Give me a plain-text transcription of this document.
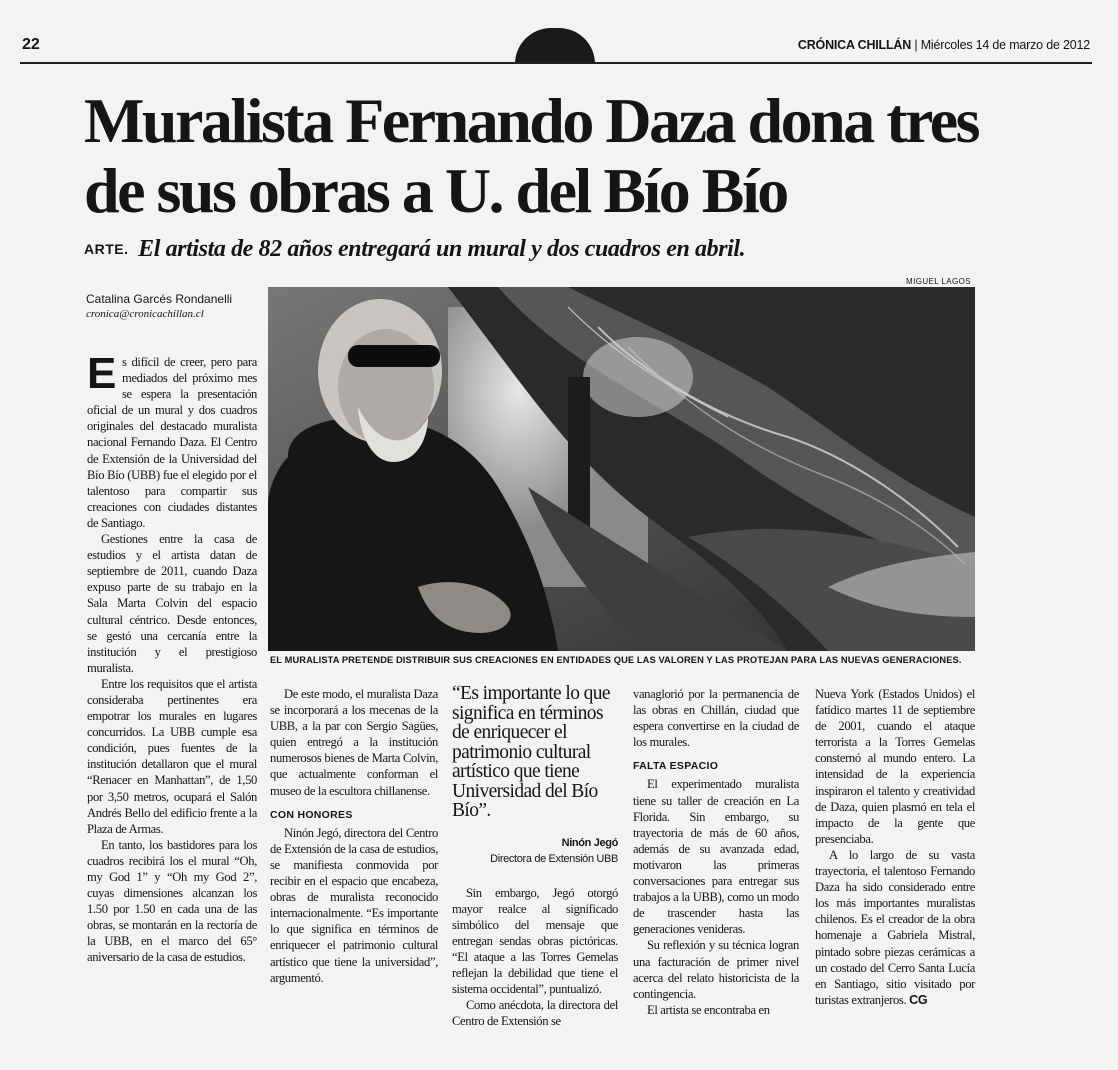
22	CRÓNICA CHILLÁN | Miércoles 14 de marzo de 2012
Muralista Fernando Daza dona tres de sus obras a U. del Bío Bío
ARTE. El artista de 82 años entregará un mural y dos cuadros en abril.
Catalina Garcés Rondanelli
cronica@cronicachillan.cl
MIGUEL LAGOS
EL MURALISTA PRETENDE DISTRIBUIR SUS CREACIONES EN ENTIDADES QUE LAS VALOREN Y LAS PROTEJAN PARA LAS NUEVAS GENERACIONES.

Es difícil de creer, pero para mediados del próximo mes se espera la presentación oficial de un mural y dos cuadros originales del destacado muralista nacional Fernando Daza. El Centro de Extensión de la Universidad del Bío Bío (UBB) fue el elegido por el talentoso para compartir sus creaciones con ciudades distantes de Santiago.

Gestiones entre la casa de estudios y el artista datan de septiembre de 2011, cuando Daza expuso parte de su trabajo en la Sala Marta Colvin del espacio cultural céntrico. Desde entonces, se gestó una cercanía entre la institución y el prestigioso muralista.

Entre los requisitos que el artista consideraba pertinentes era empotrar los murales en lugares concurridos. La UBB cumple esa condición, pues fuentes de la institución detallaron que el mural “Renacer en Manhattan”, de 1,50 por 3,50 metros, ocupará el Salón Andrés Bello del edificio frente a la Plaza de Armas.

En tanto, los bastidores para los cuadros recibirá los el mural “Oh, my God 1” y “Oh my God 2”, cuyas dimensiones alcanzan los 1.50 por 1.50 en cada una de las obras, se montarán en la rectoría de la UBB, en el marco del 65° aniversario de la casa de estudios.

De este modo, el muralista Daza se incorporará a los mecenas de la UBB, a la par con Sergio Sagües, quien entregó a la institución numerosos bienes de Marta Colvin, que actualmente conforman el museo de la escultora chillanense.

CON HONORES

Ninón Jegó, directora del Centro de Extensión de la casa de estudios, se manifiesta conmovida por recibir en el espacio que encabeza, obras de muralista reconocido internacionalmente. “Es importante lo que significa en términos de enriquecer el patrimonio cultural artístico que tiene la universidad”, argumentó.

“Es importante lo que significa en términos de enriquecer el patrimonio cultural artístico que tiene Universidad del Bío Bío”.
Ninón Jegó
Directora de Extensión UBB

Sin embargo, Jegó otorgó mayor realce al significado simbólico del mensaje que entregan sendas obras pictóricas. “El ataque a las Torres Gemelas reflejan la debilidad que tiene el sistema occidental”, puntualizó.

Como anécdota, la directora del Centro de Extensión se

vanaglorió por la permanencia de las obras en Chillán, ciudad que espera convertirse en la ciudad de los murales.

FALTA ESPACIO

El experimentado muralista tiene su taller de creación en La Florida. Sin embargo, su trayectoria de más de 60 años, además de su avanzada edad, motivaron las primeras conversaciones para entregar sus trabajos a la UBB), como un modo de trascender hasta las generaciones venideras.

Su reflexión y su técnica logran una facturación de primer nivel acerca del relato historicista de la contingencia.

El artista se encontraba en

Nueva York (Estados Unidos) el fatídico martes 11 de septiembre de 2001, cuando el ataque terrorista a la Torres Gemelas consternó al mundo entero. La intensidad de la experiencia inspiraron el talento y creatividad de Daza, quien plasmó en tela el impacto de la gente que presenciaba.

A lo largo de su vasta trayectoria, el talentoso Fernando Daza ha sido considerado entre los más importantes muralistas chilenos. Es el creador de la obra homenaje a Gabriela Mistral, pintado sobre piezas cerámicas a un costado del Cerro Santa Lucía en Santiago, sitio visitado por turistas extranjeros. CG
